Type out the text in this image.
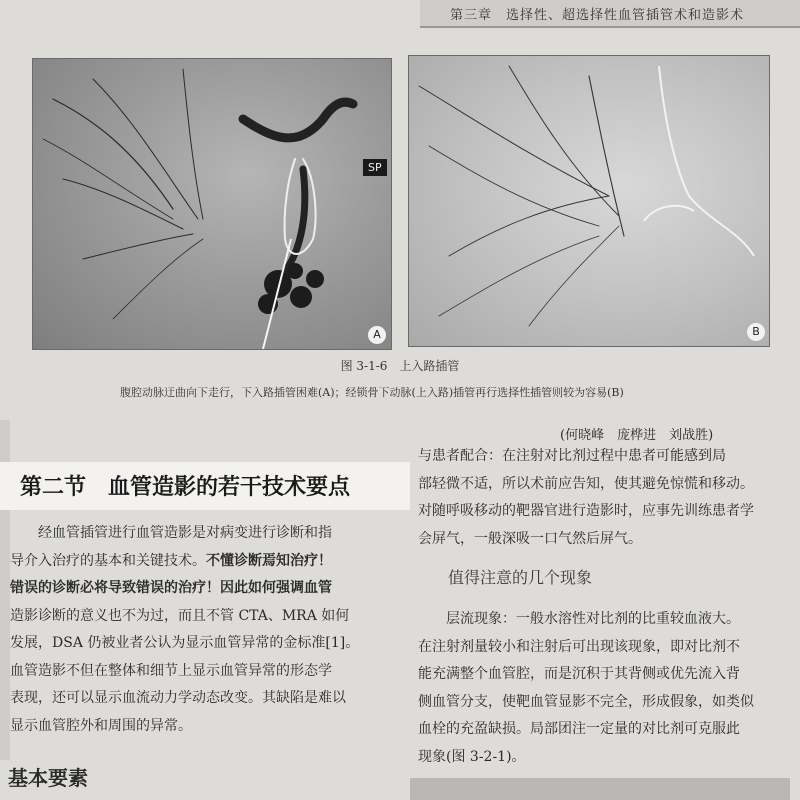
第三章　选择性、超选择性血管插管术和造影术
SP
A	B
图 3-1-6　上入路插管
腹腔动脉迂曲向下走行，下入路插管困难(A)；经锁骨下动脉(上入路)插管再行选择性插管则较为容易(B)
(何晓峰　庞桦进　刘战胜)
第二节　血管造影的若干技术要点
　　经血管插管进行血管造影是对病变进行诊断和指
导介入治疗的基本和关键技术。不懂诊断焉知治疗！
错误的诊断必将导致错误的治疗！因此如何强调血管
造影诊断的意义也不为过，而且不管 CTA、MRA 如何
发展，DSA 仍被业者公认为显示血管异常的金标准[1]。
血管造影不但在整体和细节上显示血管异常的形态学
表现，还可以显示血流动力学动态改变。其缺陷是难以
显示血管腔外和周围的异常。
基本要素
与患者配合：在注射对比剂过程中患者可能感到局
部轻微不适，所以术前应告知，使其避免惊慌和移动。
对随呼吸移动的靶器官进行造影时，应事先训练患者学
会屏气，一般深吸一口气然后屏气。
值得注意的几个现象
　　层流现象：一般水溶性对比剂的比重较血液大。
在注射剂量较小和注射后可出现该现象，即对比剂不
能充满整个血管腔，而是沉积于其背侧或优先流入背
侧血管分支，使靶血管显影不完全，形成假象，如类似
血栓的充盈缺损。局部团注一定量的对比剂可克服此
现象(图 3-2-1)。
